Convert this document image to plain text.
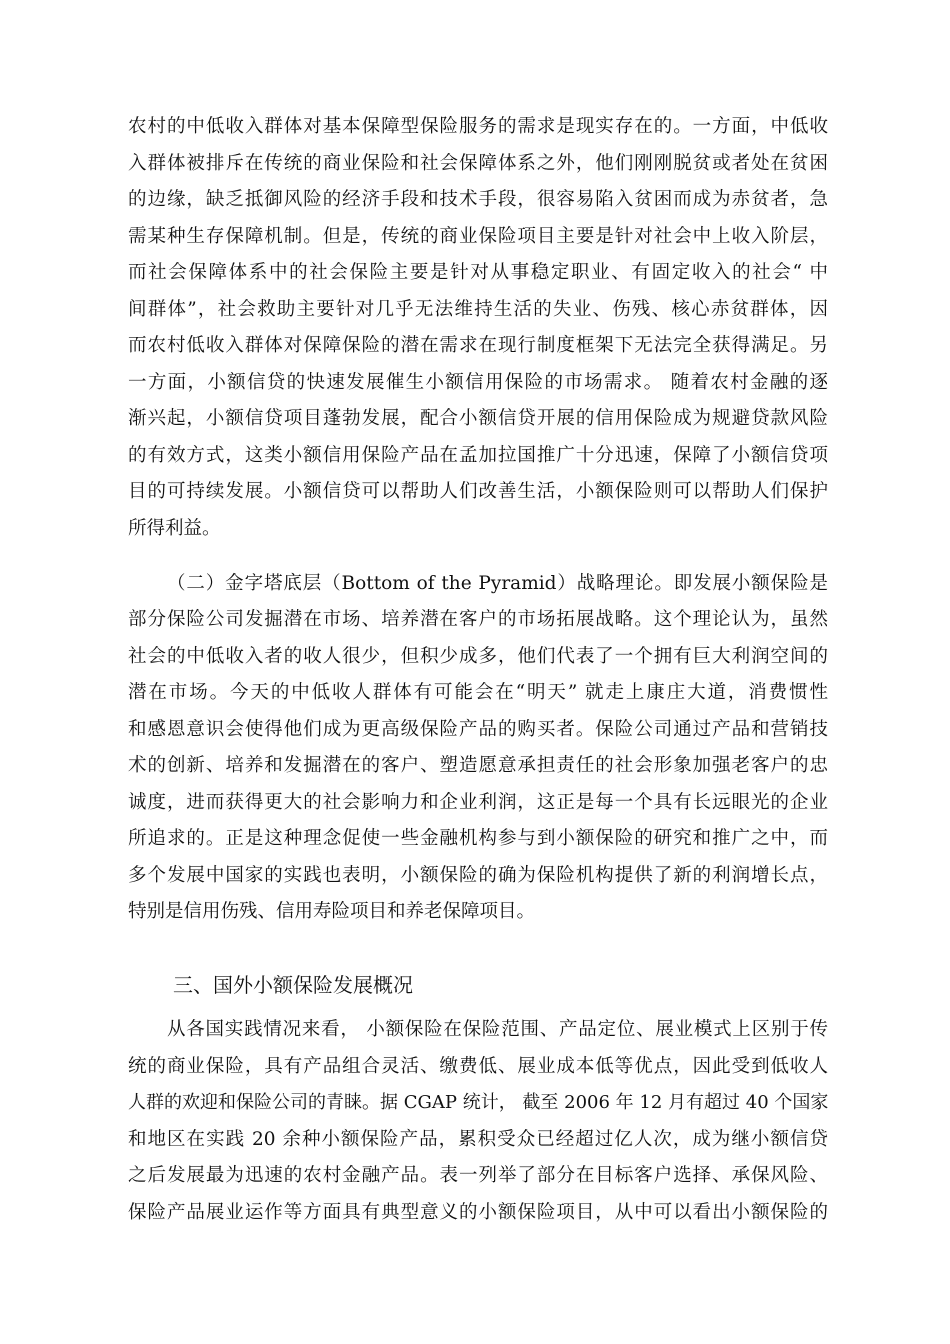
农村的中低收入群体对基本保障型保险服务的需求是现实存在的。一方面，中低收
入群体被排斥在传统的商业保险和社会保障体系之外，他们刚刚脱贫或者处在贫困
的边缘，缺乏抵御风险的经济手段和技术手段，很容易陷入贫困而成为赤贫者，急
需某种生存保障机制。但是，传统的商业保险项目主要是针对社会中上收入阶层，
而社会保障体系中的社会保险主要是针对从事稳定职业、有固定收入的社会“ 中
间群体”，社会救助主要针对几乎无法维持生活的失业、伤残、核心赤贫群体，因
而农村低收入群体对保障保险的潜在需求在现行制度框架下无法完全获得满足。另
一方面，小额信贷的快速发展催生小额信用保险的市场需求。 随着农村金融的逐
渐兴起，小额信贷项目蓬勃发展，配合小额信贷开展的信用保险成为规避贷款风险
的有效方式，这类小额信用保险产品在孟加拉国推广十分迅速，保障了小额信贷项
目的可持续发展。小额信贷可以帮助人们改善生活，小额保险则可以帮助人们保护
所得利益。
（二）金字塔底层（Bottom of the Pyramid）战略理论。即发展小额保险是
部分保险公司发掘潜在市场、培养潜在客户的市场拓展战略。这个理论认为，虽然
社会的中低收入者的收人很少，但积少成多，他们代表了一个拥有巨大利润空间的
潜在市场。今天的中低收人群体有可能会在“明天” 就走上康庄大道，消费惯性
和感恩意识会使得他们成为更高级保险产品的购买者。保险公司通过产品和营销技
术的创新、培养和发掘潜在的客户、塑造愿意承担责任的社会形象加强老客户的忠
诚度，进而获得更大的社会影响力和企业利润，这正是每一个具有长远眼光的企业
所追求的。正是这种理念促使一些金融机构参与到小额保险的研究和推广之中，而
多个发展中国家的实践也表明，小额保险的确为保险机构提供了新的利润增长点，
特别是信用伤残、信用寿险项目和养老保障项目。
三、国外小额保险发展概况
从各国实践情况来看， 小额保险在保险范围、产品定位、展业模式上区别于传
统的商业保险，具有产品组合灵活、缴费低、展业成本低等优点，因此受到低收人
人群的欢迎和保险公司的青睐。据 CGAP 统计， 截至 2006 年 12 月有超过 40 个国家
和地区在实践 20 余种小额保险产品，累积受众已经超过亿人次，成为继小额信贷
之后发展最为迅速的农村金融产品。表一列举了部分在目标客户选择、承保风险、
保险产品展业运作等方面具有典型意义的小额保险项目，从中可以看出小额保险的
